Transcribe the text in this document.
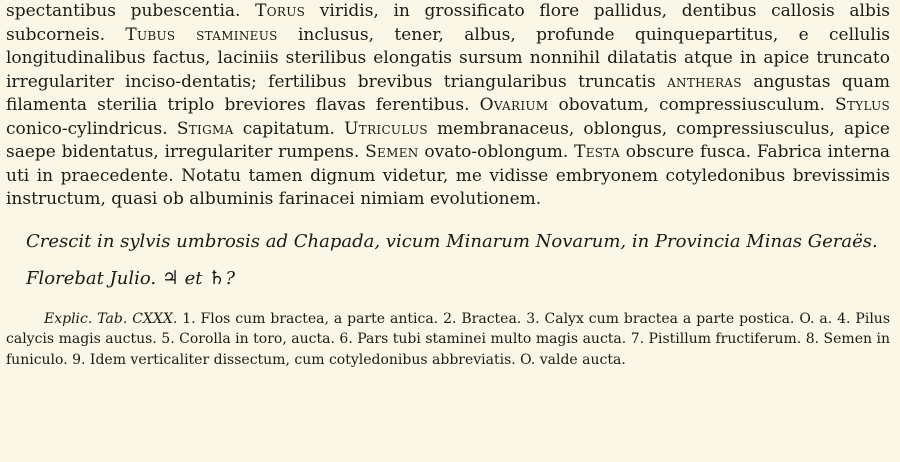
spectantibus pubescentia. Torus viridis, in grossificato flore pallidus, dentibus callosis albis subcorneis. Tubus stamineus inclusus, tener, albus, profunde quinquepartitus, e cellulis longitudinalibus factus, laciniis sterilibus elongatis sursum nonnihil dilatatis atque in apice truncato irregulariter inciso-dentatis; fertilibus brevibus triangularibus truncatis antheras angustas quam filamenta sterilia triplo breviores flavas ferentibus. Ovarium obovatum, compressiusculum. Stylus conico-cylindricus. Stigma capitatum. Utriculus membranaceus, oblongus, compressiusculus, apice saepe bidentatus, irregulariter rumpens. Semen ovato-oblongum. Testa obscure fusca. Fabrica interna uti in praecedente. Notatu tamen dignum videtur, me vidisse embryonem cotyledonibus brevissimis instructum, quasi ob albuminis farinacei nimiam evolutionem.

Crescit in sylvis umbrosis ad Chapada, vicum Minarum Novarum, in Provincia Minas Geraës.

Florebat Julio. ♃ et ♄?

Explic. Tab. CXXX. 1. Flos cum bractea, a parte antica. 2. Bractea. 3. Calyx cum bractea a parte postica. O. a. 4. Pilus calycis magis auctus. 5. Corolla in toro, aucta. 6. Pars tubi staminei multo magis aucta. 7. Pistillum fructiferum. 8. Semen in funiculo. 9. Idem verticaliter dissectum, cum cotyledonibus abbreviatis. O. valde aucta.
